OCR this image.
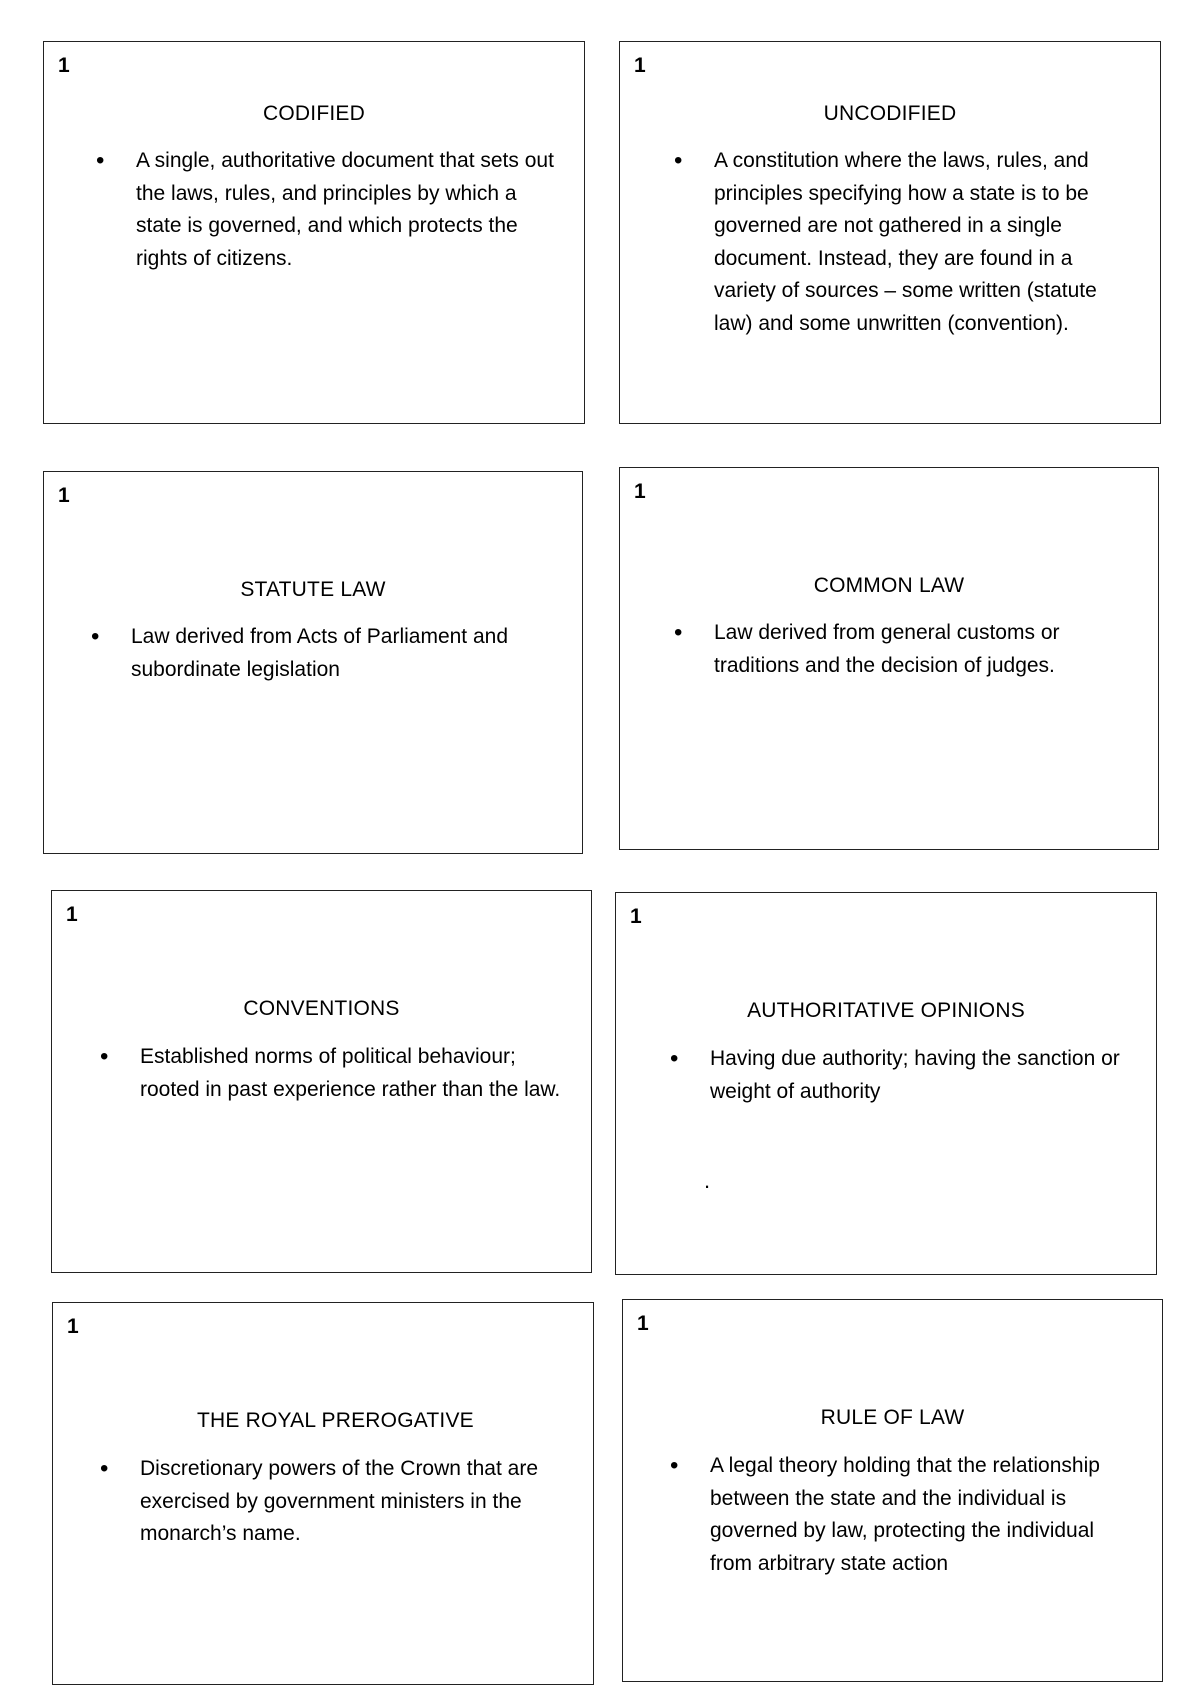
1
CODIFIED
• A single, authoritative document that sets out the laws, rules, and principles by which a state is governed, and which protects the rights of citizens.
1
UNCODIFIED
• A constitution where the laws, rules, and principles specifying how a state is to be governed are not gathered in a single document. Instead, they are found in a variety of sources – some written (statute law) and some unwritten (convention).
1
STATUTE LAW
• Law derived from Acts of Parliament and subordinate legislation
1
COMMON LAW
• Law derived from general customs or traditions and the decision of judges.
1
CONVENTIONS
• Established norms of political behaviour; rooted in past experience rather than the law.
1
AUTHORITATIVE OPINIONS
• Having due authority; having the sanction or weight of authority
.
1
THE ROYAL PREROGATIVE
• Discretionary powers of the Crown that are exercised by government ministers in the monarch’s name.
1
RULE OF LAW
• A legal theory holding that the relationship between the state and the individual is governed by law, protecting the individual from arbitrary state action
